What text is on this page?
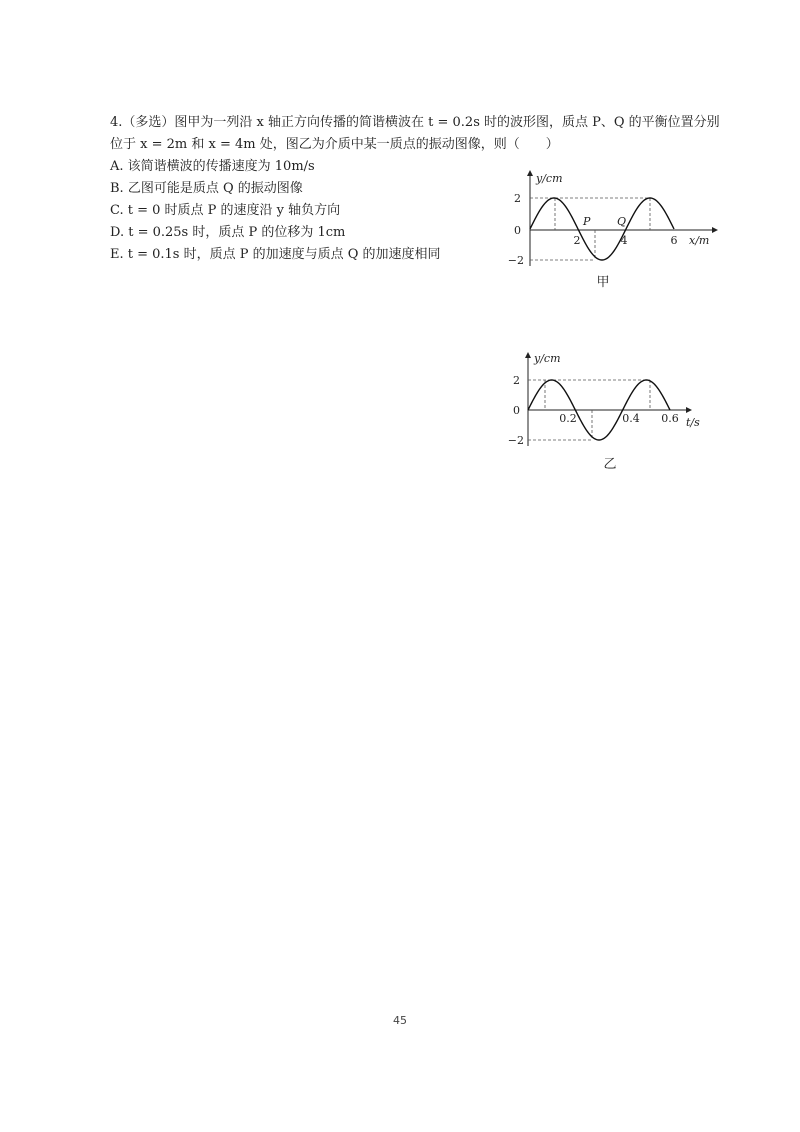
4.（多选）图甲为一列沿 x 轴正方向传播的简谐横波在 t = 0.2s 时的波形图，质点 P、Q 的平衡位置分别位于 x = 2m 和 x = 4m 处，图乙为介质中某一质点的振动图像，则（　　）

A. 该简谐横波的传播速度为 10m/s

B. 乙图可能是质点 Q 的振动图像

C. t = 0 时质点 P 的速度沿 y 轴负方向

D. t = 0.25s 时，质点 P 的位移为 1cm

E. t = 0.1s 时，质点 P 的加速度与质点 Q 的加速度相同

2
0
−2
2	4	6
y/cm
x/m
P Q
甲
2
0
−2
0.2	0.4 0.6
y/cm
t/s
乙
45
